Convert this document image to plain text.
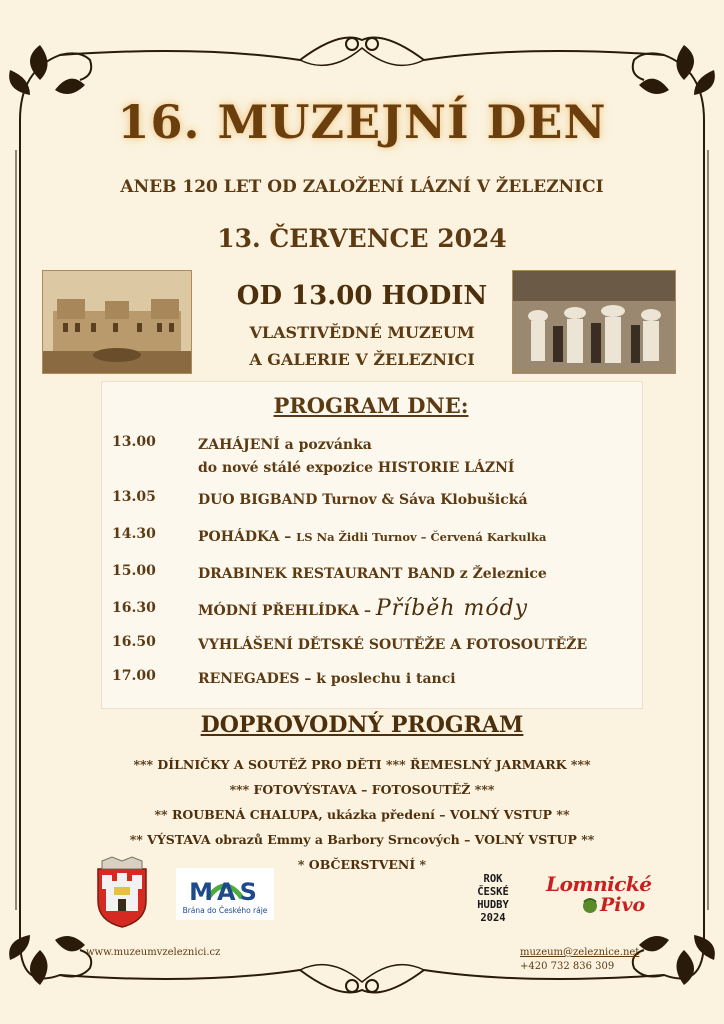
16. MUZEJNÍ DEN
ANEB 120 LET OD ZALOŽENÍ LÁZNÍ V ŽELEZNICI
13. ČERVENCE 2024
OD 13.00 HODIN
VLASTIVĚDNÉ MUZEUM
A GALERIE V ŽELEZNICI
PROGRAM DNE:
13.00	ZAHÁJENÍ a pozvánka
do nové stálé expozice HISTORIE LÁZNÍ
13.05	DUO BIGBAND Turnov & Sáva Klobušická
14.30	POHÁDKA – LS Na Židli Turnov – Červená Karkulka
15.00	DRABINEK RESTAURANT BAND z Železnice
16.30	MÓDNÍ PŘEHLÍDKA – Příběh módy
16.50	VYHLÁŠENÍ DĚTSKÉ SOUTĚŽE A FOTOSOUTĚŽE
17.00	RENEGADES – k poslechu i tanci
DOPROVODNÝ PROGRAM
*** DÍLNIČKY A SOUTĚŽ PRO DĚTI *** ŘEMESLNÝ JARMARK ***
*** FOTOVÝSTAVA – FOTOSOUTĚŽ ***
** ROUBENÁ CHALUPA, ukázka předení – VOLNÝ VSTUP **
** VÝSTAVA obrazů Emmy a Barbory Srncových – VOLNÝ VSTUP **
* OBČERSTVENÍ *
MAS
Brána do Českého ráje
ROK
ČESKÉ
HUDBY
2024
Lomnické
Pivo
www.muzeumvzeleznici.cz	muzeum@zeleznice.net
+420 732 836 309
